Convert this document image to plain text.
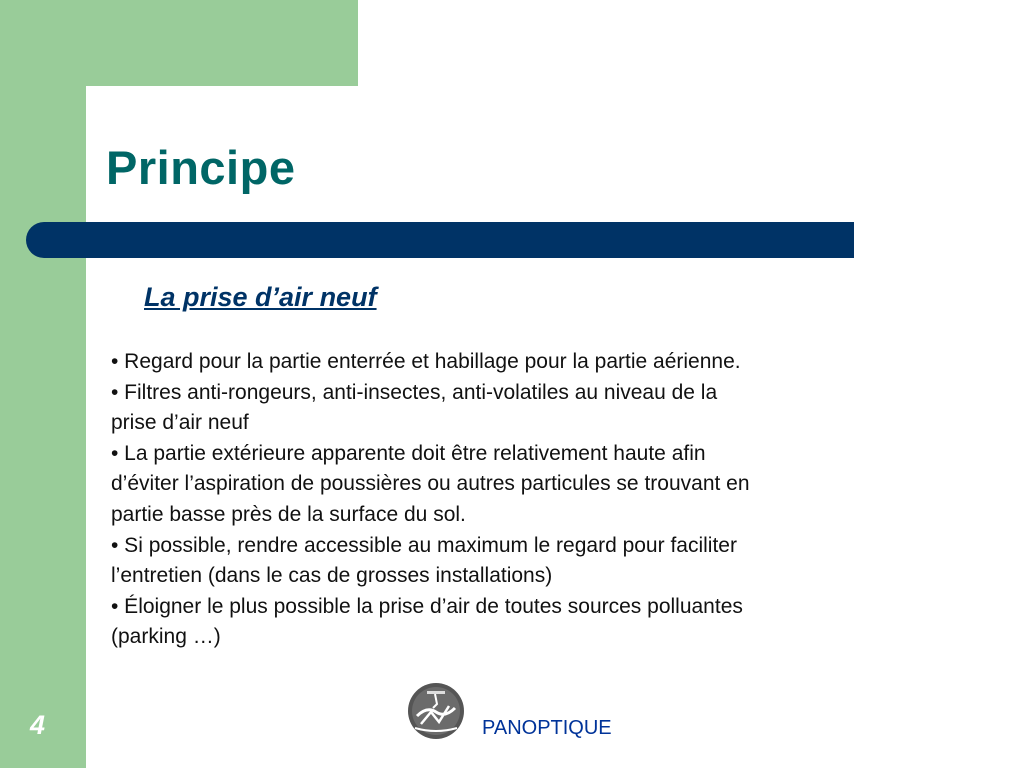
Principe
La prise d’air neuf
• Regard pour la partie enterrée et habillage pour la partie aérienne.
• Filtres anti-rongeurs, anti-insectes, anti-volatiles au niveau de la
prise d’air neuf
• La partie extérieure apparente doit être relativement haute afin
d’éviter l’aspiration de poussières ou autres particules se trouvant en
partie basse près de la surface du sol.
• Si possible, rendre accessible au maximum le regard pour faciliter
l’entretien (dans le cas de grosses installations)
• Éloigner le plus possible la prise d’air de toutes sources polluantes
(parking …)
4	PANOPTIQUE
